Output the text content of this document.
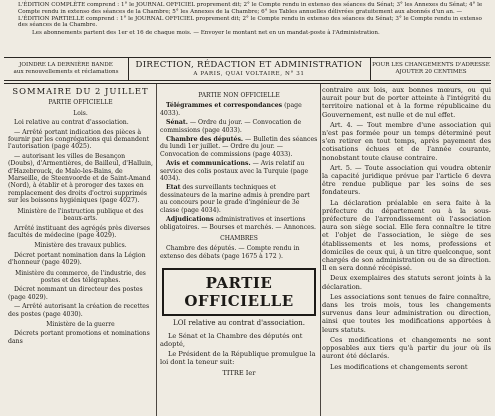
L'ÉDITION COMPLÈTE comprend : 1° le JOURNAL OFFICIEL proprement dit; 2° le Compte rendu in extenso des séances du Sénat; 3° les Annexes du Sénat; 4° le Compte rendu in extenso des séances de la Chambre; 5° les Annexes de la Chambre; 6° les Tables annuelles délivrées gratuitement aux abonnés d'un an. — L'ÉDITION PARTIELLE comprend : 1° le JOURNAL OFFICIEL proprement dit; 2° le Compte rendu in extenso des séances du Sénat; 3° le Compte rendu in extenso des séances de la Chambre.

Les abonnements partent des 1er et 16 de chaque mois. — Envoyer le montant net en un mandat-poste à l'Administration.

JOINDRE LA DERNIÈRE BANDE
aux renouvellements et réclamations
DIRECTION, RÉDACTION ET ADMINISTRATION
A PARIS, QUAI VOLTAIRE, N° 31
POUR LES CHANGEMENTS D'ADRESSE
AJOUTER 20 CENTIMES
SOMMAIRE DU 2 JUILLET
PARTIE OFFICIELLE
Lois.

Loi relative au contrat d'association.

— Arrêté portant indication des pièces à fournir par les congrégations qui demandent l'autorisation (page 4025).

— autorisant les villes de Besançon (Doubs), d'Armentières, de Bailleul, d'Halluin, d'Hazebrouck, de Malo-les-Bains, de Marseille, de Steenvoorde et de Saint-Amand (Nord), à établir et à proroger des taxes en remplacement des droits d'octroi supprimés sur les boissons hygiéniques (page 4027).

Ministère de l'instruction publique et des beaux-arts.

Arrêté instituant des agrégés près diverses facultés de médecine (page 4029).

Ministère des travaux publics.

Décret portant nomination dans la Légion d'honneur (page 4029).

Ministère du commerce, de l'industrie, des postes et des télégraphes.

Décret nommant un directeur des postes (page 4029).

— Arrêté autorisant la création de recettes des postes (page 4030).

Ministère de la guerre

Décrets portant promotions et nominations dans

PARTIE NON OFFICIELLE

Télégrammes et correspondances (page 4033).

Sénat. — Ordre du jour. — Convocation de commissions (page 4033).

Chambre des députés. — Bulletin des séances du lundi 1er juillet. — Ordre du jour. — Convocation de commissions (page 4033).

Avis et communications. — Avis relatif au service des colis postaux avec la Turquie (page 4034).

Etat des surveillants techniques et dessinateurs de la marine admis à prendre part au concours pour le grade d'ingénieur de 3e classe (page 4034).

Adjudications administratives et insertions obligatoires. — Bourses et marchés. — Annonces.

CHAMBRES

Chambre des députés. — Compte rendu in extenso des débats (page 1675 à 172 ).

PARTIE OFFICIELLE
LOI relative au contrat d'association.

Le Sénat et la Chambre des députés ont adopté,

Le Président de la République promulgue la loi dont la teneur suit:

TITRE Ier

contraire aux lois, aux bonnes mœurs, ou qui aurait pour but de porter atteinte à l'intégrité du territoire national et à la forme républicaine du Gouvernement, est nulle et de nul effet.

Art. 4. — Tout membre d'une association qui n'est pas formée pour un temps déterminé peut s'en retirer en tout temps, après payement des cotisations échues et de l'année courante, nonobstant toute clause contraire.

Art. 5. — Toute association qui voudra obtenir la capacité juridique prévue par l'article 6 devra être rendue publique par les soins de ses fondateurs.

La déclaration préalable en sera faite à la préfecture du département ou à la sous-préfecture de l'arrondissement où l'association aura son siège social. Elle fera connaître le titre et l'objet de l'association, le siège de ses établissements et les noms, professions et domiciles de ceux qui, à un titre quelconque, sont chargés de son administration ou de sa direction. Il en sera donné récépissé.

Deux exemplaires des statuts seront joints à la déclaration.

Les associations sont tenues de faire connaître, dans les trois mois, tous les changements survenus dans leur administration ou direction, ainsi que toutes les modifications apportées à leurs statuts.

Ces modifications et changements ne sont opposables aux tiers qu'à partir du jour où ils auront été déclarés.

Les modifications et changements seront
